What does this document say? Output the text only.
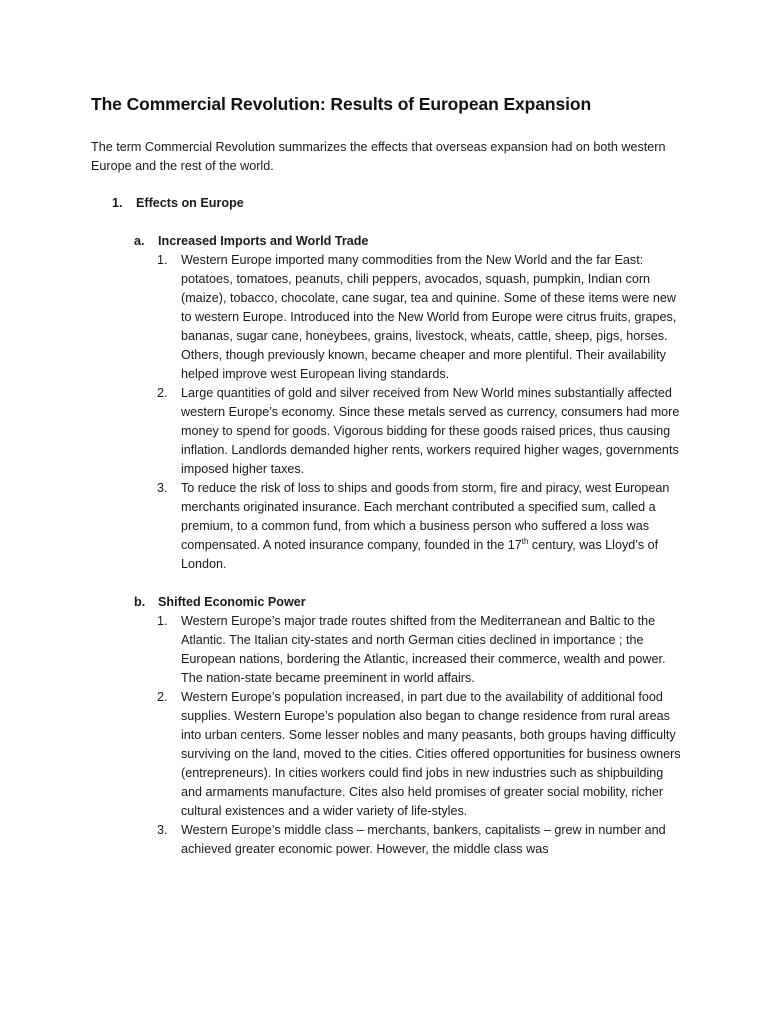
The Commercial Revolution: Results of European Expansion

The term Commercial Revolution summarizes the effects that overseas expansion had on both western Europe and the rest of the world.

1.	Effects on Europe
a.	Increased Imports and World Trade
1.	Western Europe imported many commodities from the New World and the far East: potatoes, tomatoes, peanuts, chili peppers, avocados, squash, pumpkin, Indian corn (maize), tobacco, chocolate, cane sugar, tea and quinine. Some of these items were new to western Europe. Introduced into the New World from Europe were citrus fruits, grapes, bananas, sugar cane, honeybees, grains, livestock, wheats, cattle, sheep, pigs, horses. Others, though previously known, became cheaper and more plentiful. Their availability helped improve west European living standards.
2.	Large quantities of gold and silver received from New World mines substantially affected western Europe’s economy. Since these metals served as currency, consumers had more money to spend for goods. Vigorous bidding for these goods raised prices, thus causing inflation. Landlords demanded higher rents, workers required higher wages, governments imposed higher taxes.
3.	To reduce the risk of loss to ships and goods from storm, fire and piracy, west European merchants originated insurance. Each merchant contributed a specified sum, called a premium, to a common fund, from which a business person who suffered a loss was compensated. A noted insurance company, founded in the 17th century, was Lloyd’s of London.
b.	Shifted Economic Power
1.	Western Europe’s major trade routes shifted from the Mediterranean and Baltic to the Atlantic. The Italian city-states and north German cities declined in importance ; the European nations, bordering the Atlantic, increased their commerce, wealth and power. The nation-state became preeminent in world affairs.
2.	Western Europe’s population increased, in part due to the availability of additional food supplies. Western Europe’s population also began to change residence from rural areas into urban centers. Some lesser nobles and many peasants, both groups having difficulty surviving on the land, moved to the cities. Cities offered opportunities for business owners (entrepreneurs). In cities workers could find jobs in new industries such as shipbuilding and armaments manufacture. Cites also held promises of greater social mobility, richer cultural existences and a wider variety of life-styles.
3.	Western Europe’s middle class – merchants, bankers, capitalists – grew in number and achieved greater economic power. However, the middle class was
